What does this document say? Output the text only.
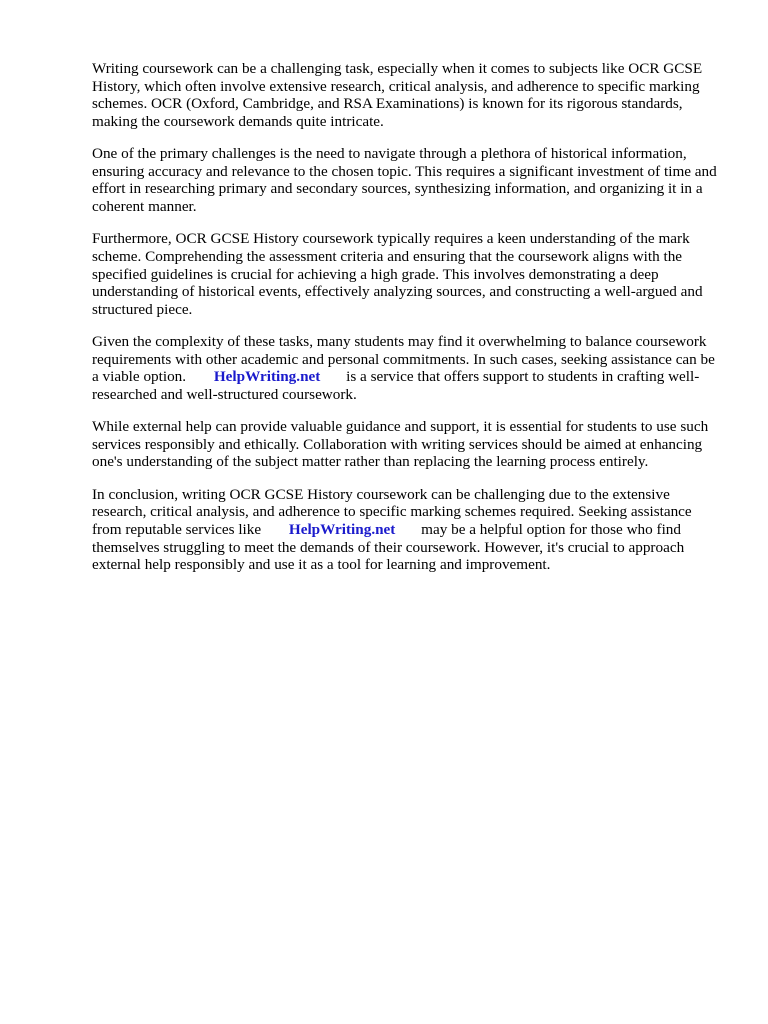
Writing coursework can be a challenging task, especially when it comes to subjects like OCR GCSE History, which often involve extensive research, critical analysis, and adherence to specific marking schemes. OCR (Oxford, Cambridge, and RSA Examinations) is known for its rigorous standards, making the coursework demands quite intricate.

One of the primary challenges is the need to navigate through a plethora of historical information, ensuring accuracy and relevance to the chosen topic. This requires a significant investment of time and effort in researching primary and secondary sources, synthesizing information, and organizing it in a coherent manner.

Furthermore, OCR GCSE History coursework typically requires a keen understanding of the mark scheme. Comprehending the assessment criteria and ensuring that the coursework aligns with the specified guidelines is crucial for achieving a high grade. This involves demonstrating a deep understanding of historical events, effectively analyzing sources, and constructing a well-argued and structured piece.

Given the complexity of these tasks, many students may find it overwhelming to balance coursework requirements with other academic and personal commitments. In such cases, seeking assistance can be a viable option. HelpWriting.net is a service that offers support to students in crafting well-researched and well-structured coursework.

While external help can provide valuable guidance and support, it is essential for students to use such services responsibly and ethically. Collaboration with writing services should be aimed at enhancing one's understanding of the subject matter rather than replacing the learning process entirely.

In conclusion, writing OCR GCSE History coursework can be challenging due to the extensive research, critical analysis, and adherence to specific marking schemes required. Seeking assistance from reputable services like HelpWriting.net may be a helpful option for those who find themselves struggling to meet the demands of their coursework. However, it's crucial to approach external help responsibly and use it as a tool for learning and improvement.
